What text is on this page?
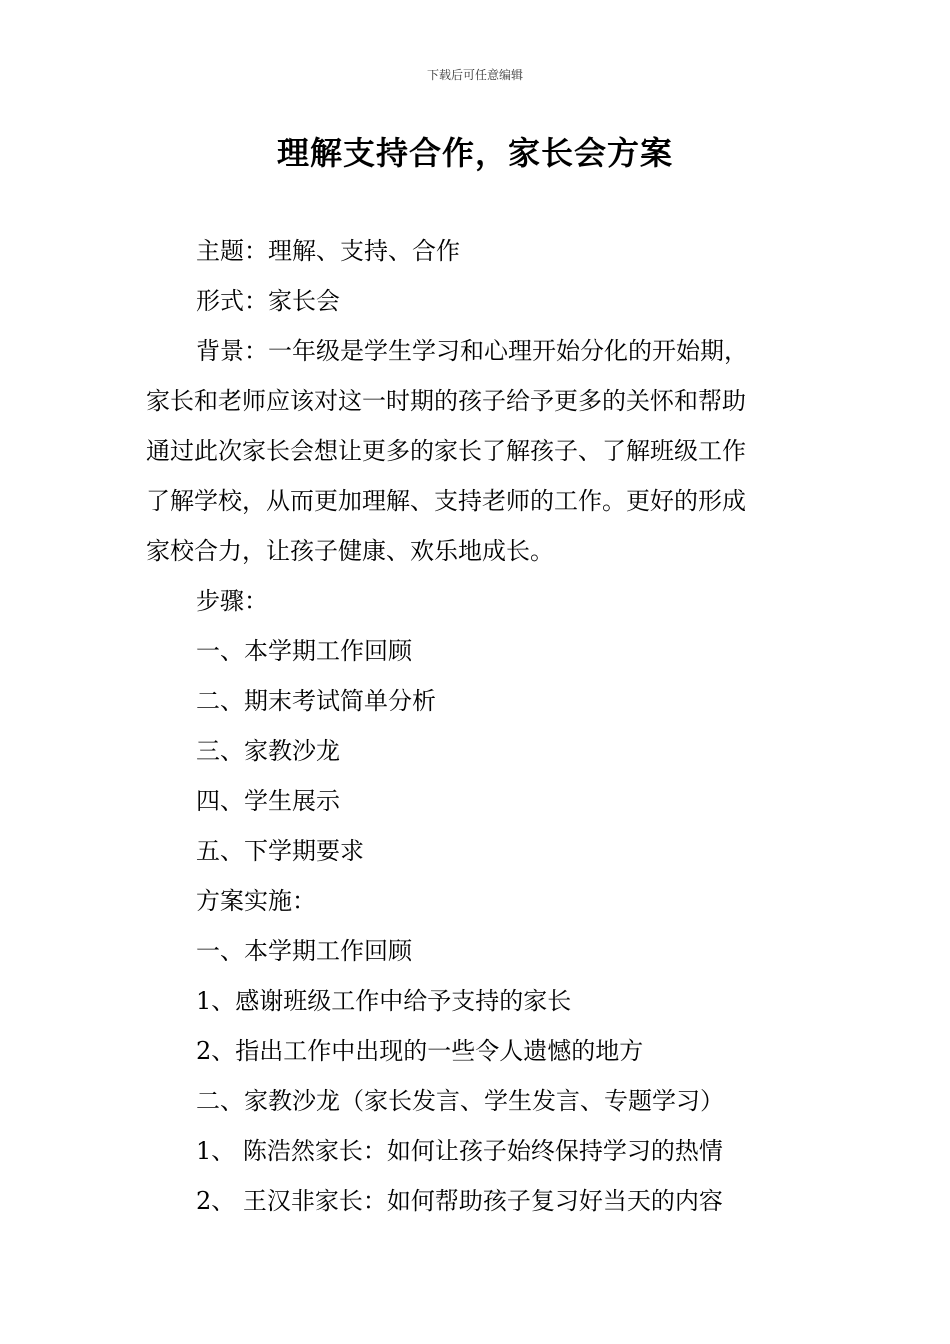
下载后可任意编辑
理解支持合作，家长会方案

主题：理解、支持、合作

形式：家长会

背景：一年级是学生学习和心理开始分化的开始期，

家长和老师应该对这一时期的孩子给予更多的关怀和帮助

通过此次家长会想让更多的家长了解孩子、了解班级工作

了解学校，从而更加理解、支持老师的工作。更好的形成

家校合力，让孩子健康、欢乐地成长。

步骤：

一、本学期工作回顾

二、期末考试简单分析

三、家教沙龙

四、学生展示

五、下学期要求

方案实施：

一、本学期工作回顾

1、感谢班级工作中给予支持的家长

2、指出工作中出现的一些令人遗憾的地方

二、家教沙龙（家长发言、学生发言、专题学习）

1、 陈浩然家长：如何让孩子始终保持学习的热情

2、 王汉非家长：如何帮助孩子复习好当天的内容
